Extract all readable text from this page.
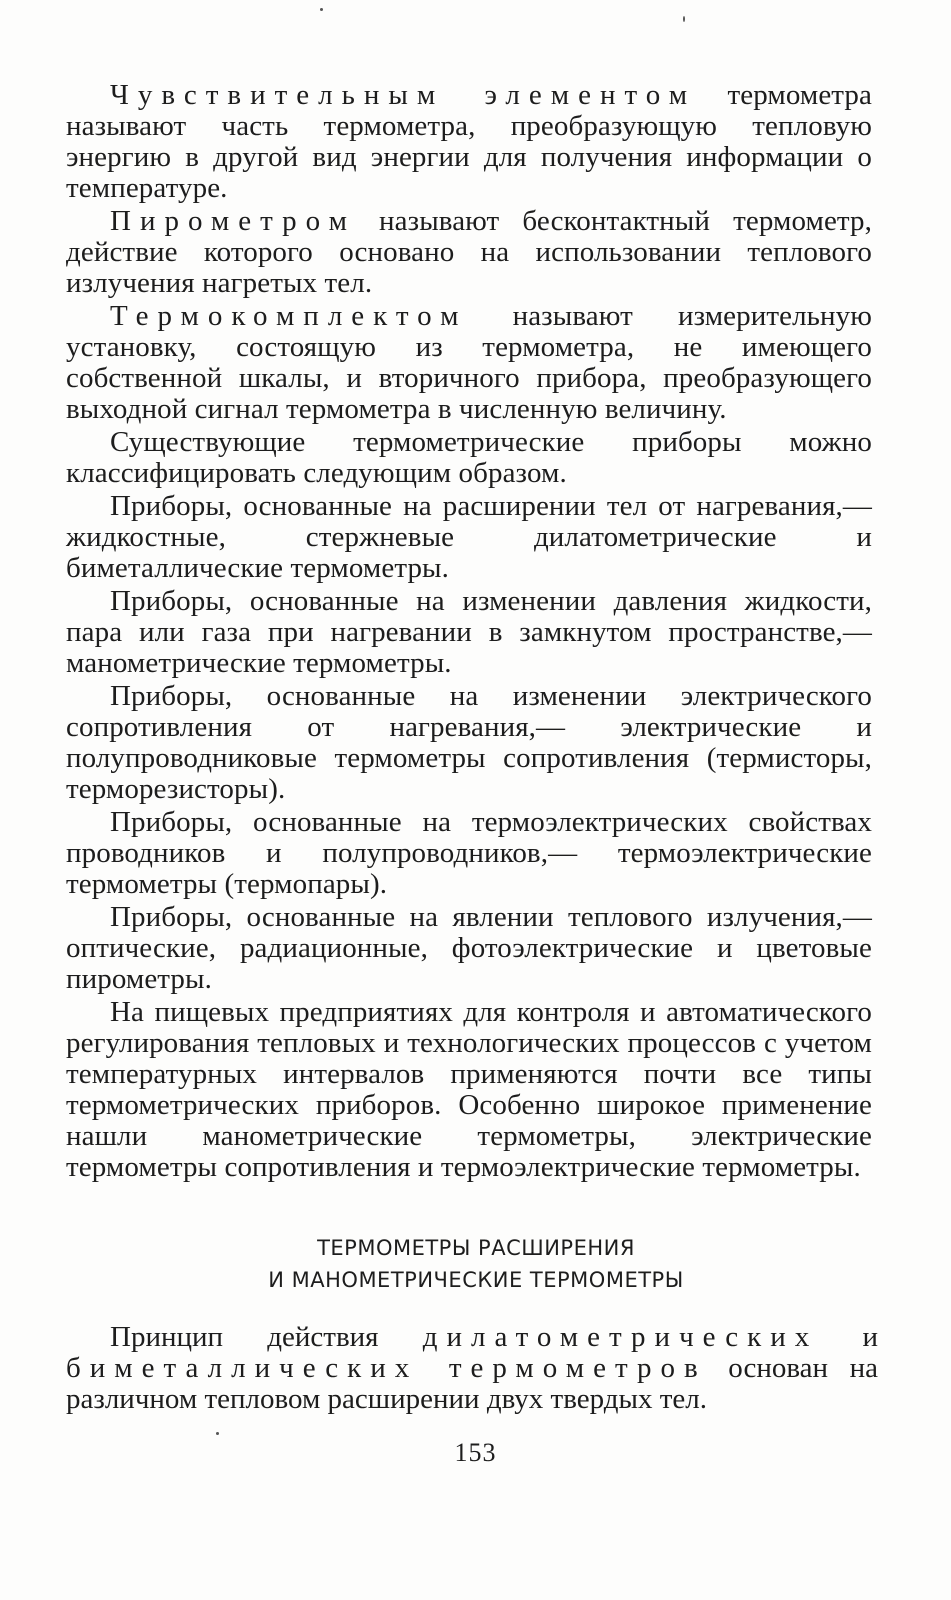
Чувствительным элементом термометра называют часть термометра, преобразующую тепловую энергию в другой вид энергии для получения информации о температуре.

Пирометром называют бесконтактный термометр, действие которого основано на использовании теплового излучения нагретых тел.

Термокомплектом называют измерительную установку, состоящую из термометра, не имеющего собственной шкалы, и вторичного прибора, преобразующего выходной сигнал термометра в численную величину.

Существующие термометрические приборы можно классифицировать следующим образом.

Приборы, основанные на расширении тел от нагревания,— жидкостные, стержневые дилатометрические и биметаллические термометры.

Приборы, основанные на изменении давления жидкости, пара или газа при нагревании в замкнутом пространстве,— манометрические термометры.

Приборы, основанные на изменении электрического сопротивления от нагревания,— электрические и полупроводниковые термометры сопротивления (термисторы, терморезисторы).

Приборы, основанные на термоэлектрических свойствах проводников и полупроводников,— термоэлектрические термометры (термопары).

Приборы, основанные на явлении теплового излучения,— оптические, радиационные, фотоэлектрические и цветовые пирометры.

На пищевых предприятиях для контроля и автоматического регулирования тепловых и технологических процессов с учетом температурных интервалов применяются почти все типы термометрических приборов. Особенно широкое применение нашли манометрические термометры, электрические термометры сопротивления и термоэлектрические термометры.

ТЕРМОМЕТРЫ РАСШИРЕНИЯ
И МАНОМЕТРИЧЕСКИЕ ТЕРМОМЕТРЫ

Принцип действия дилатометрических и биметаллических термометров основан на различном тепловом расширении двух твердых тел.

153
